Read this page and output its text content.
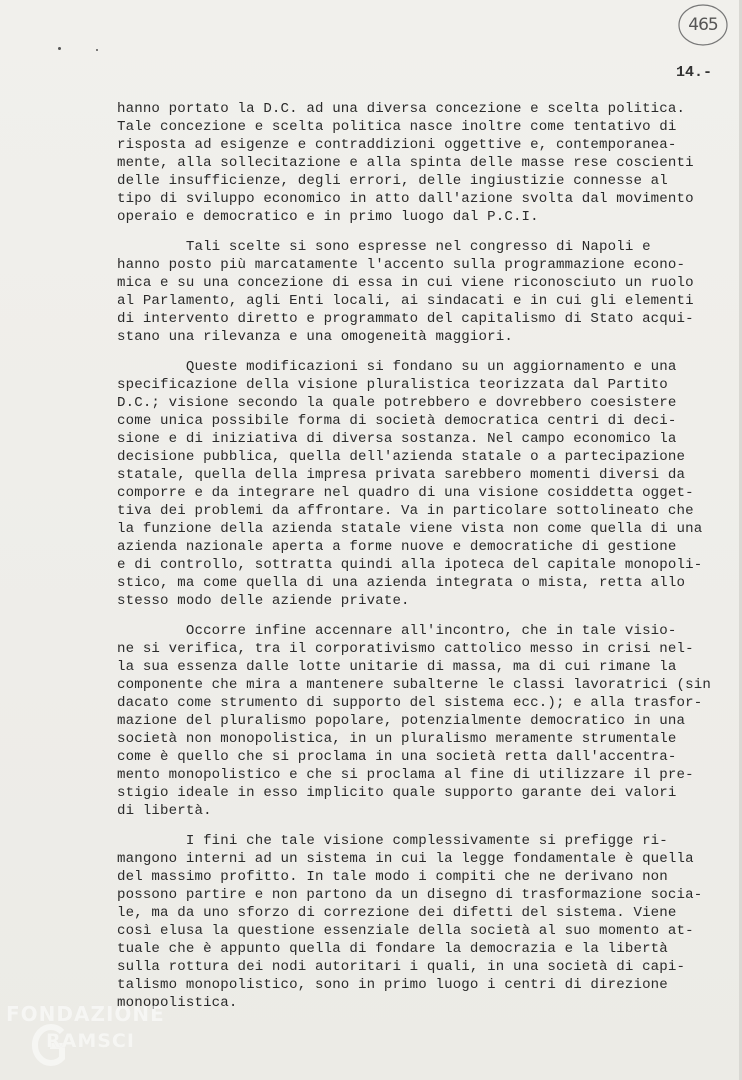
465
14.-
hanno portato la D.C. ad una diversa concezione e scelta politica.
Tale concezione e scelta politica nasce inoltre come tentativo di
risposta ad esigenze e contraddizioni oggettive e, contemporanea-
mente, alla sollecitazione e alla spinta delle masse rese coscienti
delle insufficienze, degli errori, delle ingiustizie connesse al
tipo di sviluppo economico in atto dall'azione svolta dal movimento
operaio e democratico e in primo luogo dal P.C.I.
Tali scelte si sono espresse nel congresso di Napoli e
hanno posto più marcatamente l'accento sulla programmazione econo-
mica e su una concezione di essa in cui viene riconosciuto un ruolo
al Parlamento, agli Enti locali, ai sindacati e in cui gli elementi
di intervento diretto e programmato del capitalismo di Stato acqui-
stano una rilevanza e una omogeneità maggiori.
Queste modificazioni si fondano su un aggiornamento e una
specificazione della visione pluralistica teorizzata dal Partito
D.C.; visione secondo la quale potrebbero e dovrebbero coesistere
come unica possibile forma di società democratica centri di deci-
sione e di iniziativa di diversa sostanza. Nel campo economico la
decisione pubblica, quella dell'azienda statale o a partecipazione
statale, quella della impresa privata sarebbero momenti diversi da
comporre e da integrare nel quadro di una visione cosiddetta ogget-
tiva dei problemi da affrontare. Va in particolare sottolineato che
la funzione della azienda statale viene vista non come quella di una
azienda nazionale aperta a forme nuove e democratiche di gestione
e di controllo, sottratta quindi alla ipoteca del capitale monopoli-
stico, ma come quella di una azienda integrata o mista, retta allo
stesso modo delle aziende private.
Occorre infine accennare all'incontro, che in tale visio-
ne si verifica, tra il corporativismo cattolico messo in crisi nel-
la sua essenza dalle lotte unitarie di massa, ma di cui rimane la
componente che mira a mantenere subalterne le classi lavoratrici (sin
dacato come strumento di supporto del sistema ecc.); e alla trasfor-
mazione del pluralismo popolare, potenzialmente democratico in una
società non monopolistica, in un pluralismo meramente strumentale
come è quello che si proclama in una società retta dall'accentra-
mento monopolistico e che si proclama al fine di utilizzare il pre-
stigio ideale in esso implicito quale supporto garante dei valori
di libertà.
I fini che tale visione complessivamente si prefigge ri-
mangono interni ad un sistema in cui la legge fondamentale è quella
del massimo profitto. In tale modo i compiti che ne derivano non
possono partire e non partono da un disegno di trasformazione socia-
le, ma da uno sforzo di correzione dei difetti del sistema. Viene
così elusa la questione essenziale della società al suo momento at-
tuale che è appunto quella di fondare la democrazia e la libertà
sulla rottura dei nodi autoritari i quali, in una società di capi-
talismo monopolistico, sono in primo luogo i centri di direzione
monopolistica.
FONDAZIONE
RAMSCI
